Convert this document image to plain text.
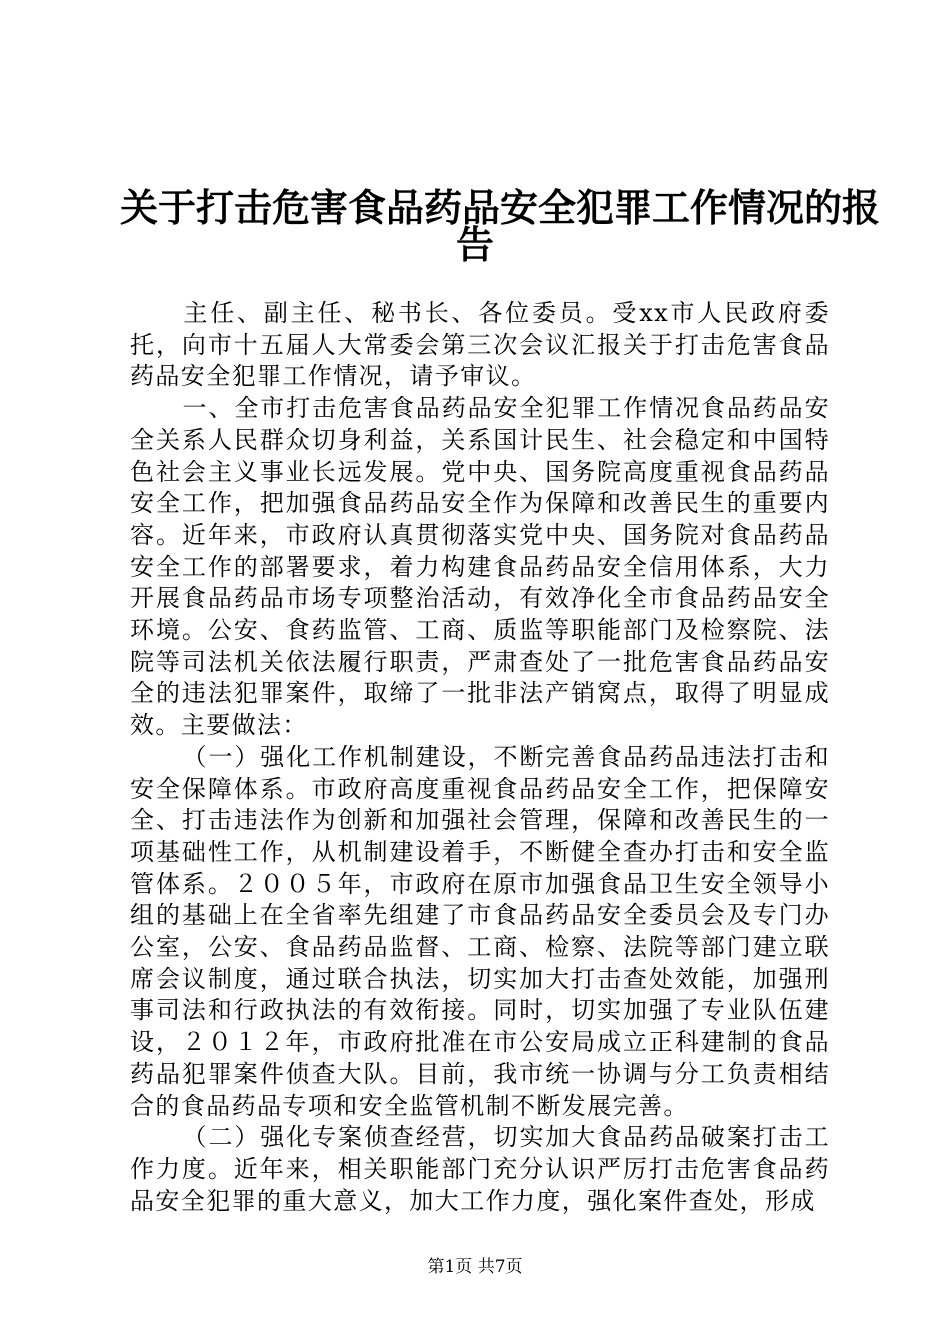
关于打击危害食品药品安全犯罪工作情况的报
告

主任、副主任、秘书长、各位委员。受xx市人民政府委托，向市十五届人大常委会第三次会议汇报关于打击危害食品药品安全犯罪工作情况，请予审议。

一、全市打击危害食品药品安全犯罪工作情况食品药品安全关系人民群众切身利益，关系国计民生、社会稳定和中国特色社会主义事业长远发展。党中央、国务院高度重视食品药品安全工作，把加强食品药品安全作为保障和改善民生的重要内容。近年来，市政府认真贯彻落实党中央、国务院对食品药品安全工作的部署要求，着力构建食品药品安全信用体系，大力开展食品药品市场专项整治活动，有效净化全市食品药品安全环境。公安、食药监管、工商、质监等职能部门及检察院、法院等司法机关依法履行职责，严肃查处了一批危害食品药品安全的违法犯罪案件，取缔了一批非法产销窝点，取得了明显成效。主要做法：

（一）强化工作机制建设，不断完善食品药品违法打击和安全保障体系。市政府高度重视食品药品安全工作，把保障安全、打击违法作为创新和加强社会管理，保障和改善民生的一项基础性工作，从机制建设着手，不断健全查办打击和安全监管体系。２００５年，市政府在原市加强食品卫生安全领导小组的基础上在全省率先组建了市食品药品安全委员会及专门办公室，公安、食品药品监督、工商、检察、法院等部门建立联席会议制度，通过联合执法，切实加大打击查处效能，加强刑事司法和行政执法的有效衔接。同时，切实加强了专业队伍建设，２０１２年，市政府批准在市公安局成立正科建制的食品药品犯罪案件侦查大队。目前，我市统一协调与分工负责相结合的食品药品专项和安全监管机制不断发展完善。

（二）强化专案侦查经营，切实加大食品药品破案打击工作力度。近年来，相关职能部门充分认识严厉打击危害食品药品安全犯罪的重大意义，加大工作力度，强化案件查处，形成

第1页 共7页
